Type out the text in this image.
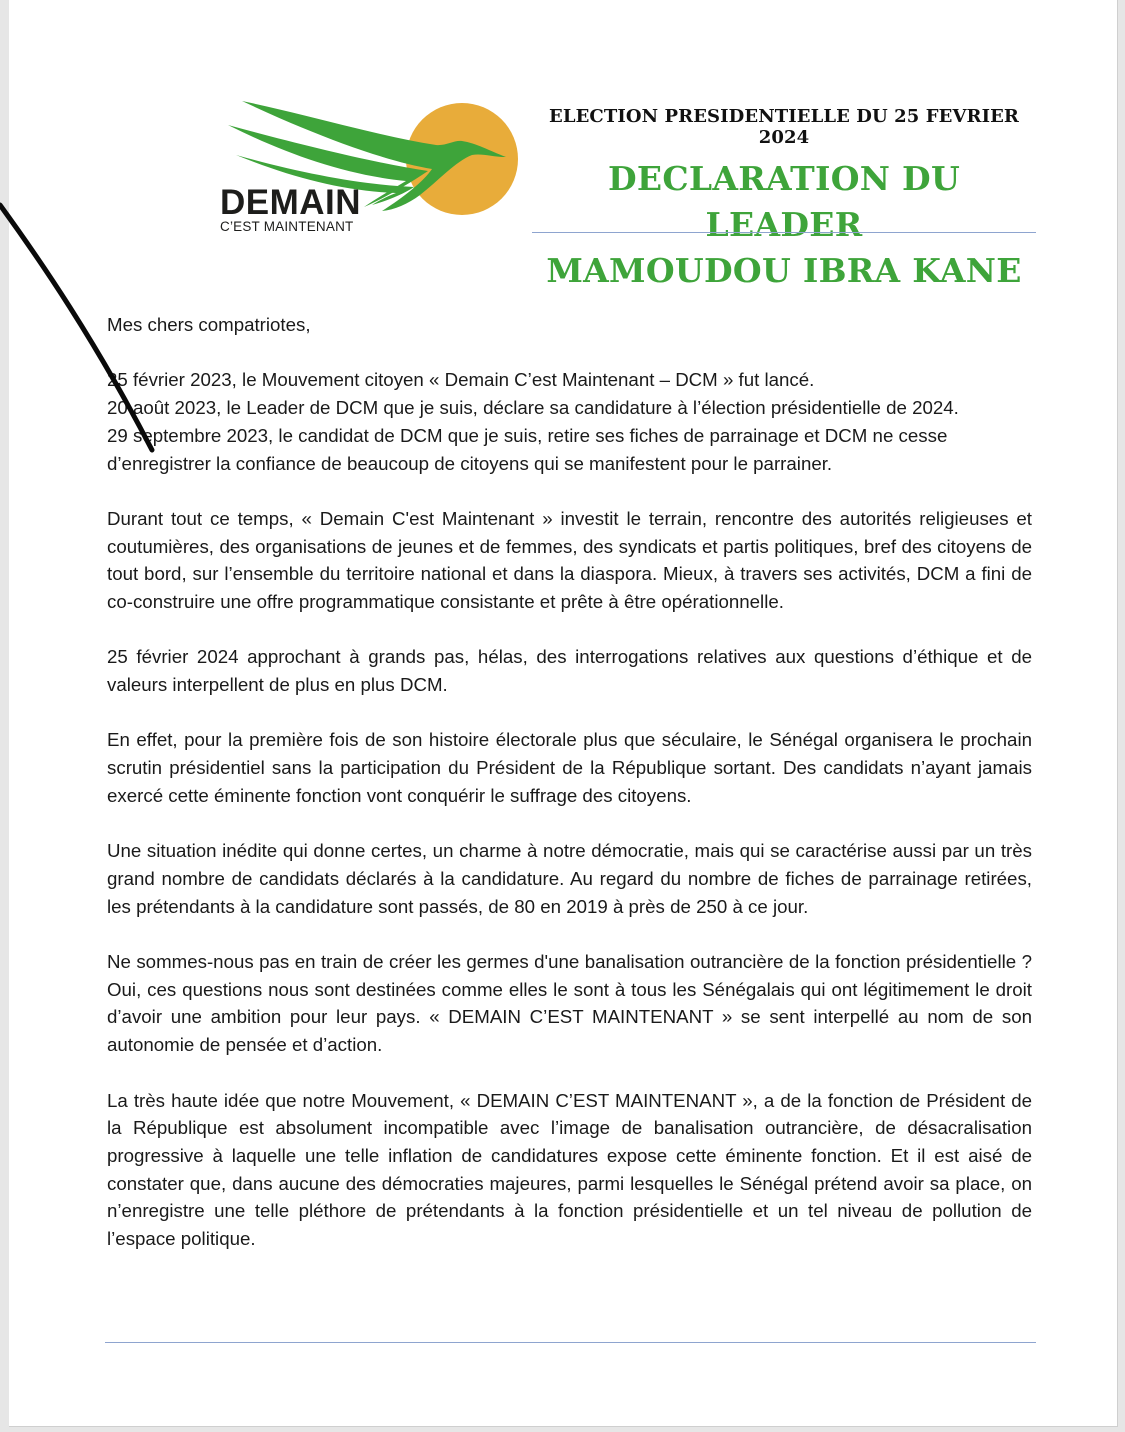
DEMAIN
C’EST MAINTENANT
ELECTION PRESIDENTIELLE DU 25 FEVRIER 2024
DECLARATION DU LEADER
MAMOUDOU IBRA KANE

Mes chers compatriotes,

25 février 2023, le Mouvement citoyen « Demain C’est Maintenant – DCM » fut lancé.
20 août 2023, le Leader de DCM que je suis, déclare sa candidature à l’élection présidentielle de 2024.
29 septembre 2023, le candidat de DCM que je suis, retire ses fiches de parrainage et DCM ne cesse d’enregistrer la confiance de beaucoup de citoyens qui se manifestent pour le parrainer.

Durant tout ce temps, « Demain C'est Maintenant » investit le terrain, rencontre des autorités religieuses et coutumières, des organisations de jeunes et de femmes, des syndicats et partis politiques, bref des citoyens de tout bord, sur l’ensemble du territoire national et dans la diaspora. Mieux, à travers ses activités, DCM a fini de co-construire une offre programmatique consistante et prête à être opérationnelle.

25 février 2024 approchant à grands pas, hélas, des interrogations relatives aux questions d’éthique et de valeurs interpellent de plus en plus DCM.

En effet, pour la première fois de son histoire électorale plus que séculaire, le Sénégal organisera le prochain scrutin présidentiel sans la participation du Président de la République sortant. Des candidats n’ayant jamais exercé cette éminente fonction vont conquérir le suffrage des citoyens.

Une situation inédite qui donne certes, un charme à notre démocratie, mais qui se caractérise aussi par un très grand nombre de candidats déclarés à la candidature. Au regard du nombre de fiches de parrainage retirées, les prétendants à la candidature sont passés, de 80 en 2019 à près de 250 à ce jour.

Ne sommes-nous pas en train de créer les germes d'une banalisation outrancière de la fonction présidentielle ? Oui, ces questions nous sont destinées comme elles le sont à tous les Sénégalais qui ont légitimement le droit d’avoir une ambition pour leur pays. « DEMAIN C’EST MAINTENANT » se sent interpellé au nom de son autonomie de pensée et d’action.

La très haute idée que notre Mouvement, « DEMAIN C’EST MAINTENANT », a de la fonction de Président de la République est absolument incompatible avec l’image de banalisation outrancière, de désacralisation progressive à laquelle une telle inflation de candidatures expose cette éminente fonction. Et il est aisé de constater que, dans aucune des démocraties majeures, parmi lesquelles le Sénégal prétend avoir sa place, on n’enregistre une telle pléthore de prétendants à la fonction présidentielle et un tel niveau de pollution de l’espace politique.
